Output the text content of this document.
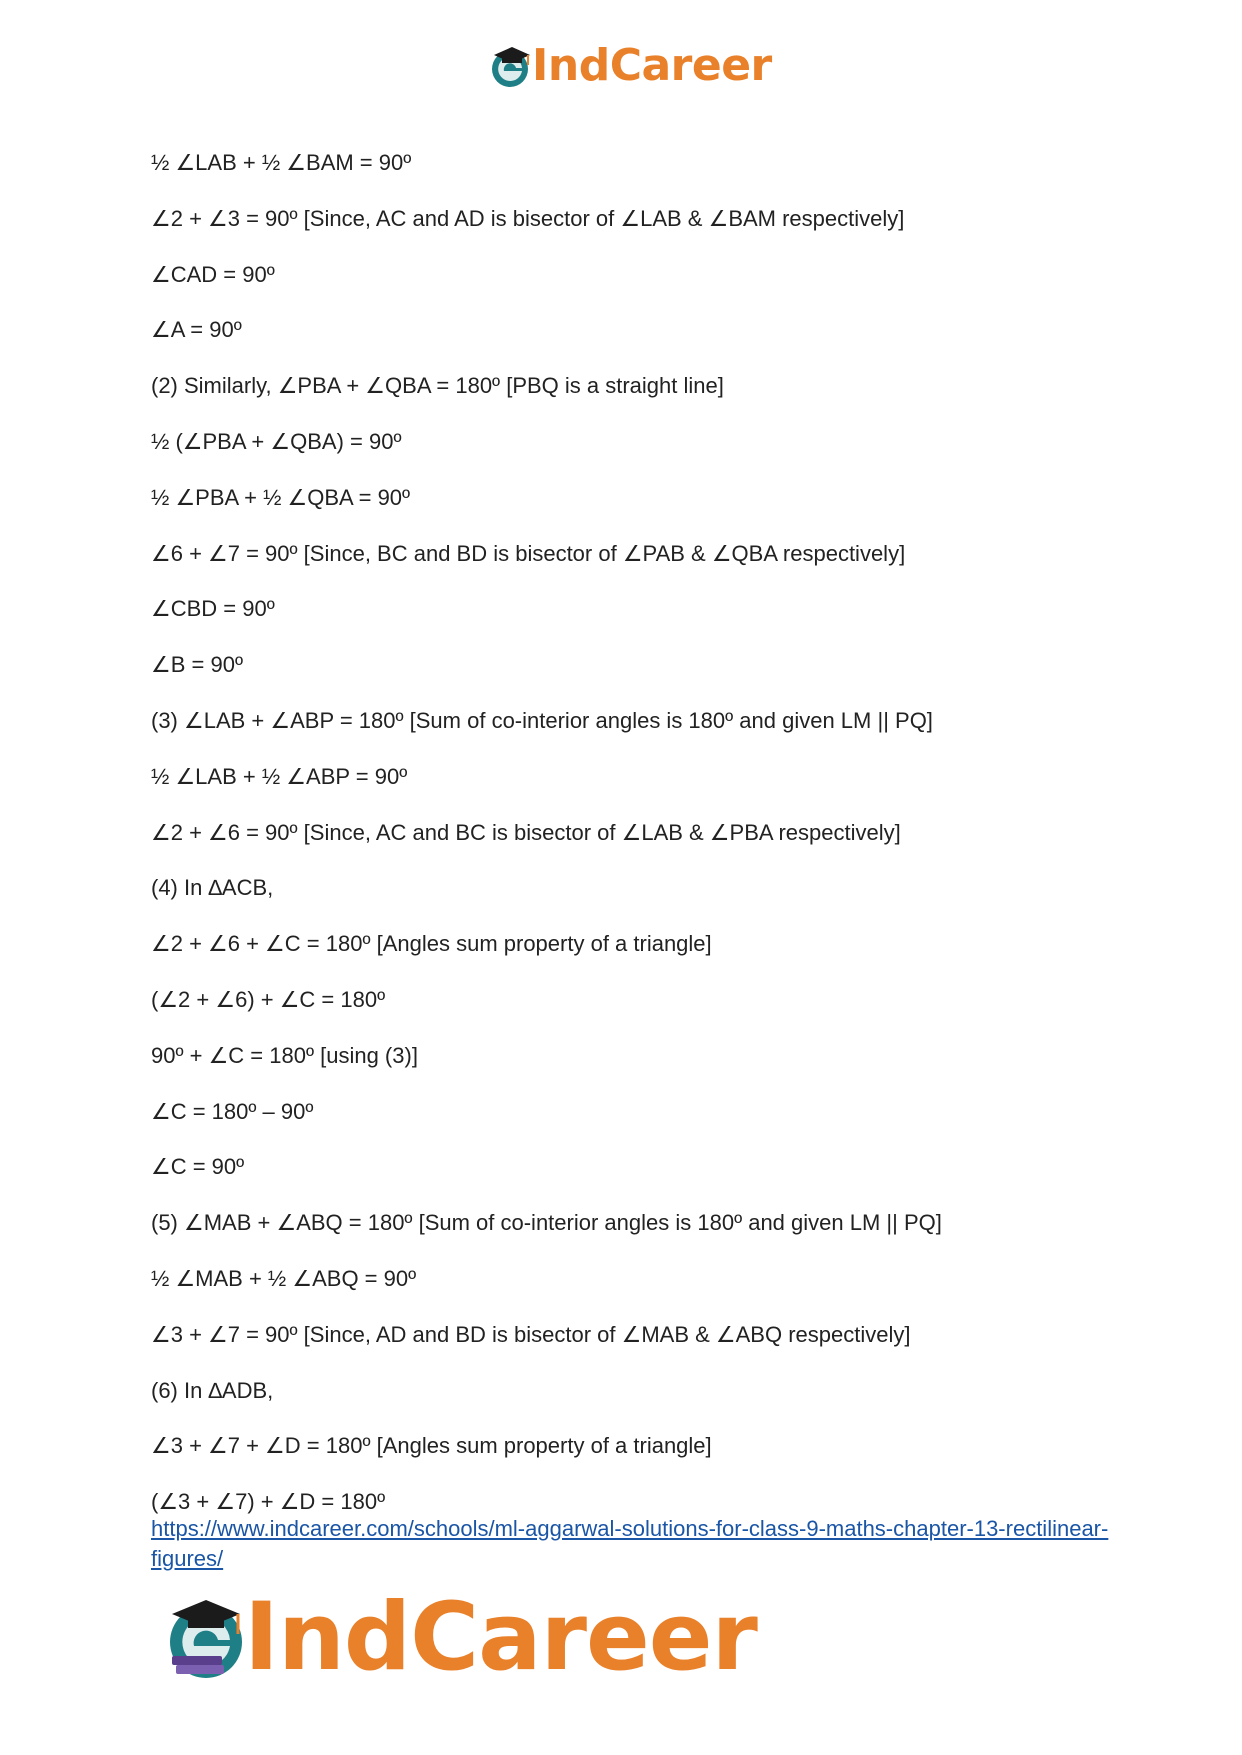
IndCareer
½ ∠LAB + ½ ∠BAM = 90º
∠2 + ∠3 = 90º [Since, AC and AD is bisector of ∠LAB & ∠BAM respectively]
∠CAD = 90º
∠A = 90º
(2) Similarly, ∠PBA + ∠QBA = 180º [PBQ is a straight line]
½ (∠PBA + ∠QBA) = 90º
½ ∠PBA + ½ ∠QBA = 90º
∠6 + ∠7 = 90º [Since, BC and BD is bisector of ∠PAB & ∠QBA respectively]
∠CBD = 90º
∠B = 90º
(3) ∠LAB + ∠ABP = 180º [Sum of co-interior angles is 180º and given LM || PQ]
½ ∠LAB + ½ ∠ABP = 90º
∠2 + ∠6 = 90º [Since, AC and BC is bisector of ∠LAB & ∠PBA respectively]
(4) In ∆ACB,
∠2 + ∠6 + ∠C = 180º [Angles sum property of a triangle]
(∠2 + ∠6) + ∠C = 180º
90º + ∠C = 180º [using (3)]
∠C = 180º – 90º
∠C = 90º
(5) ∠MAB + ∠ABQ = 180º [Sum of co-interior angles is 180º and given LM || PQ]
½ ∠MAB + ½ ∠ABQ = 90º
∠3 + ∠7 = 90º [Since, AD and BD is bisector of ∠MAB & ∠ABQ respectively]
(6) In ∆ADB,
∠3 + ∠7 + ∠D = 180º [Angles sum property of a triangle]
(∠3 + ∠7) + ∠D = 180º
https://www.indcareer.com/schools/ml-aggarwal-solutions-for-class-9-maths-chapter-13-rectilinear-figures/
IndCareer
